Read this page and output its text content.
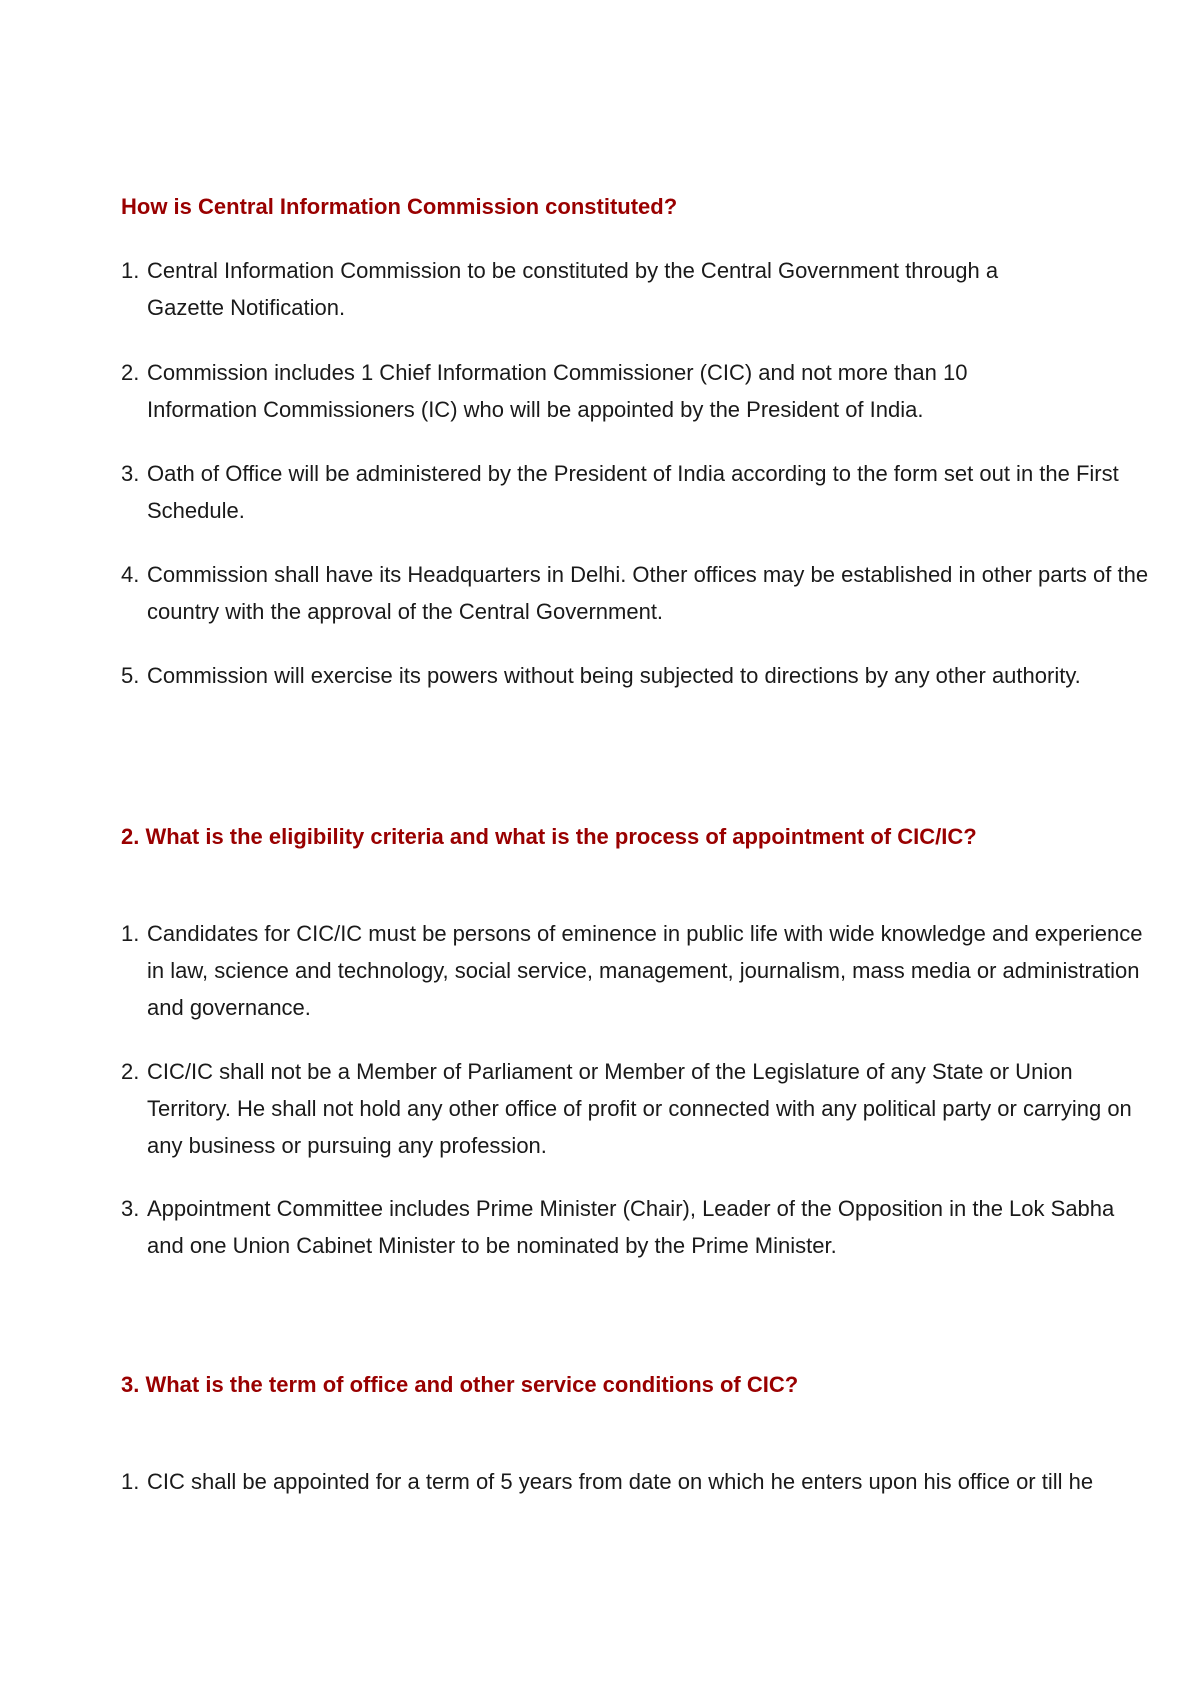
How is Central Information Commission constituted?
1. Central Information Commission to be constituted by the Central Government through a
Gazette Notification.
2. Commission includes 1 Chief Information Commissioner (CIC) and not more than 10
Information Commissioners (IC) who will be appointed by the President of India.
3. Oath of Office will be administered by the President of India according to the form set out in the First
Schedule.
4. Commission shall have its Headquarters in Delhi. Other offices may be established in other parts of the
country with the approval of the Central Government.
5. Commission will exercise its powers without being subjected to directions by any other authority.
2. What is the eligibility criteria and what is the process of appointment of CIC/IC?
1. Candidates for CIC/IC must be persons of eminence in public life with wide knowledge and experience
in law, science and technology, social service, management, journalism, mass media or administration
and governance.
2. CIC/IC shall not be a Member of Parliament or Member of the Legislature of any State or Union
Territory. He shall not hold any other office of profit or connected with any political party or carrying on
any business or pursuing any profession.
3. Appointment Committee includes Prime Minister (Chair), Leader of the Opposition in the Lok Sabha
and one Union Cabinet Minister to be nominated by the Prime Minister.
3. What is the term of office and other service conditions of CIC?
1. CIC shall be appointed for a term of 5 years from date on which he enters upon his office or till he
